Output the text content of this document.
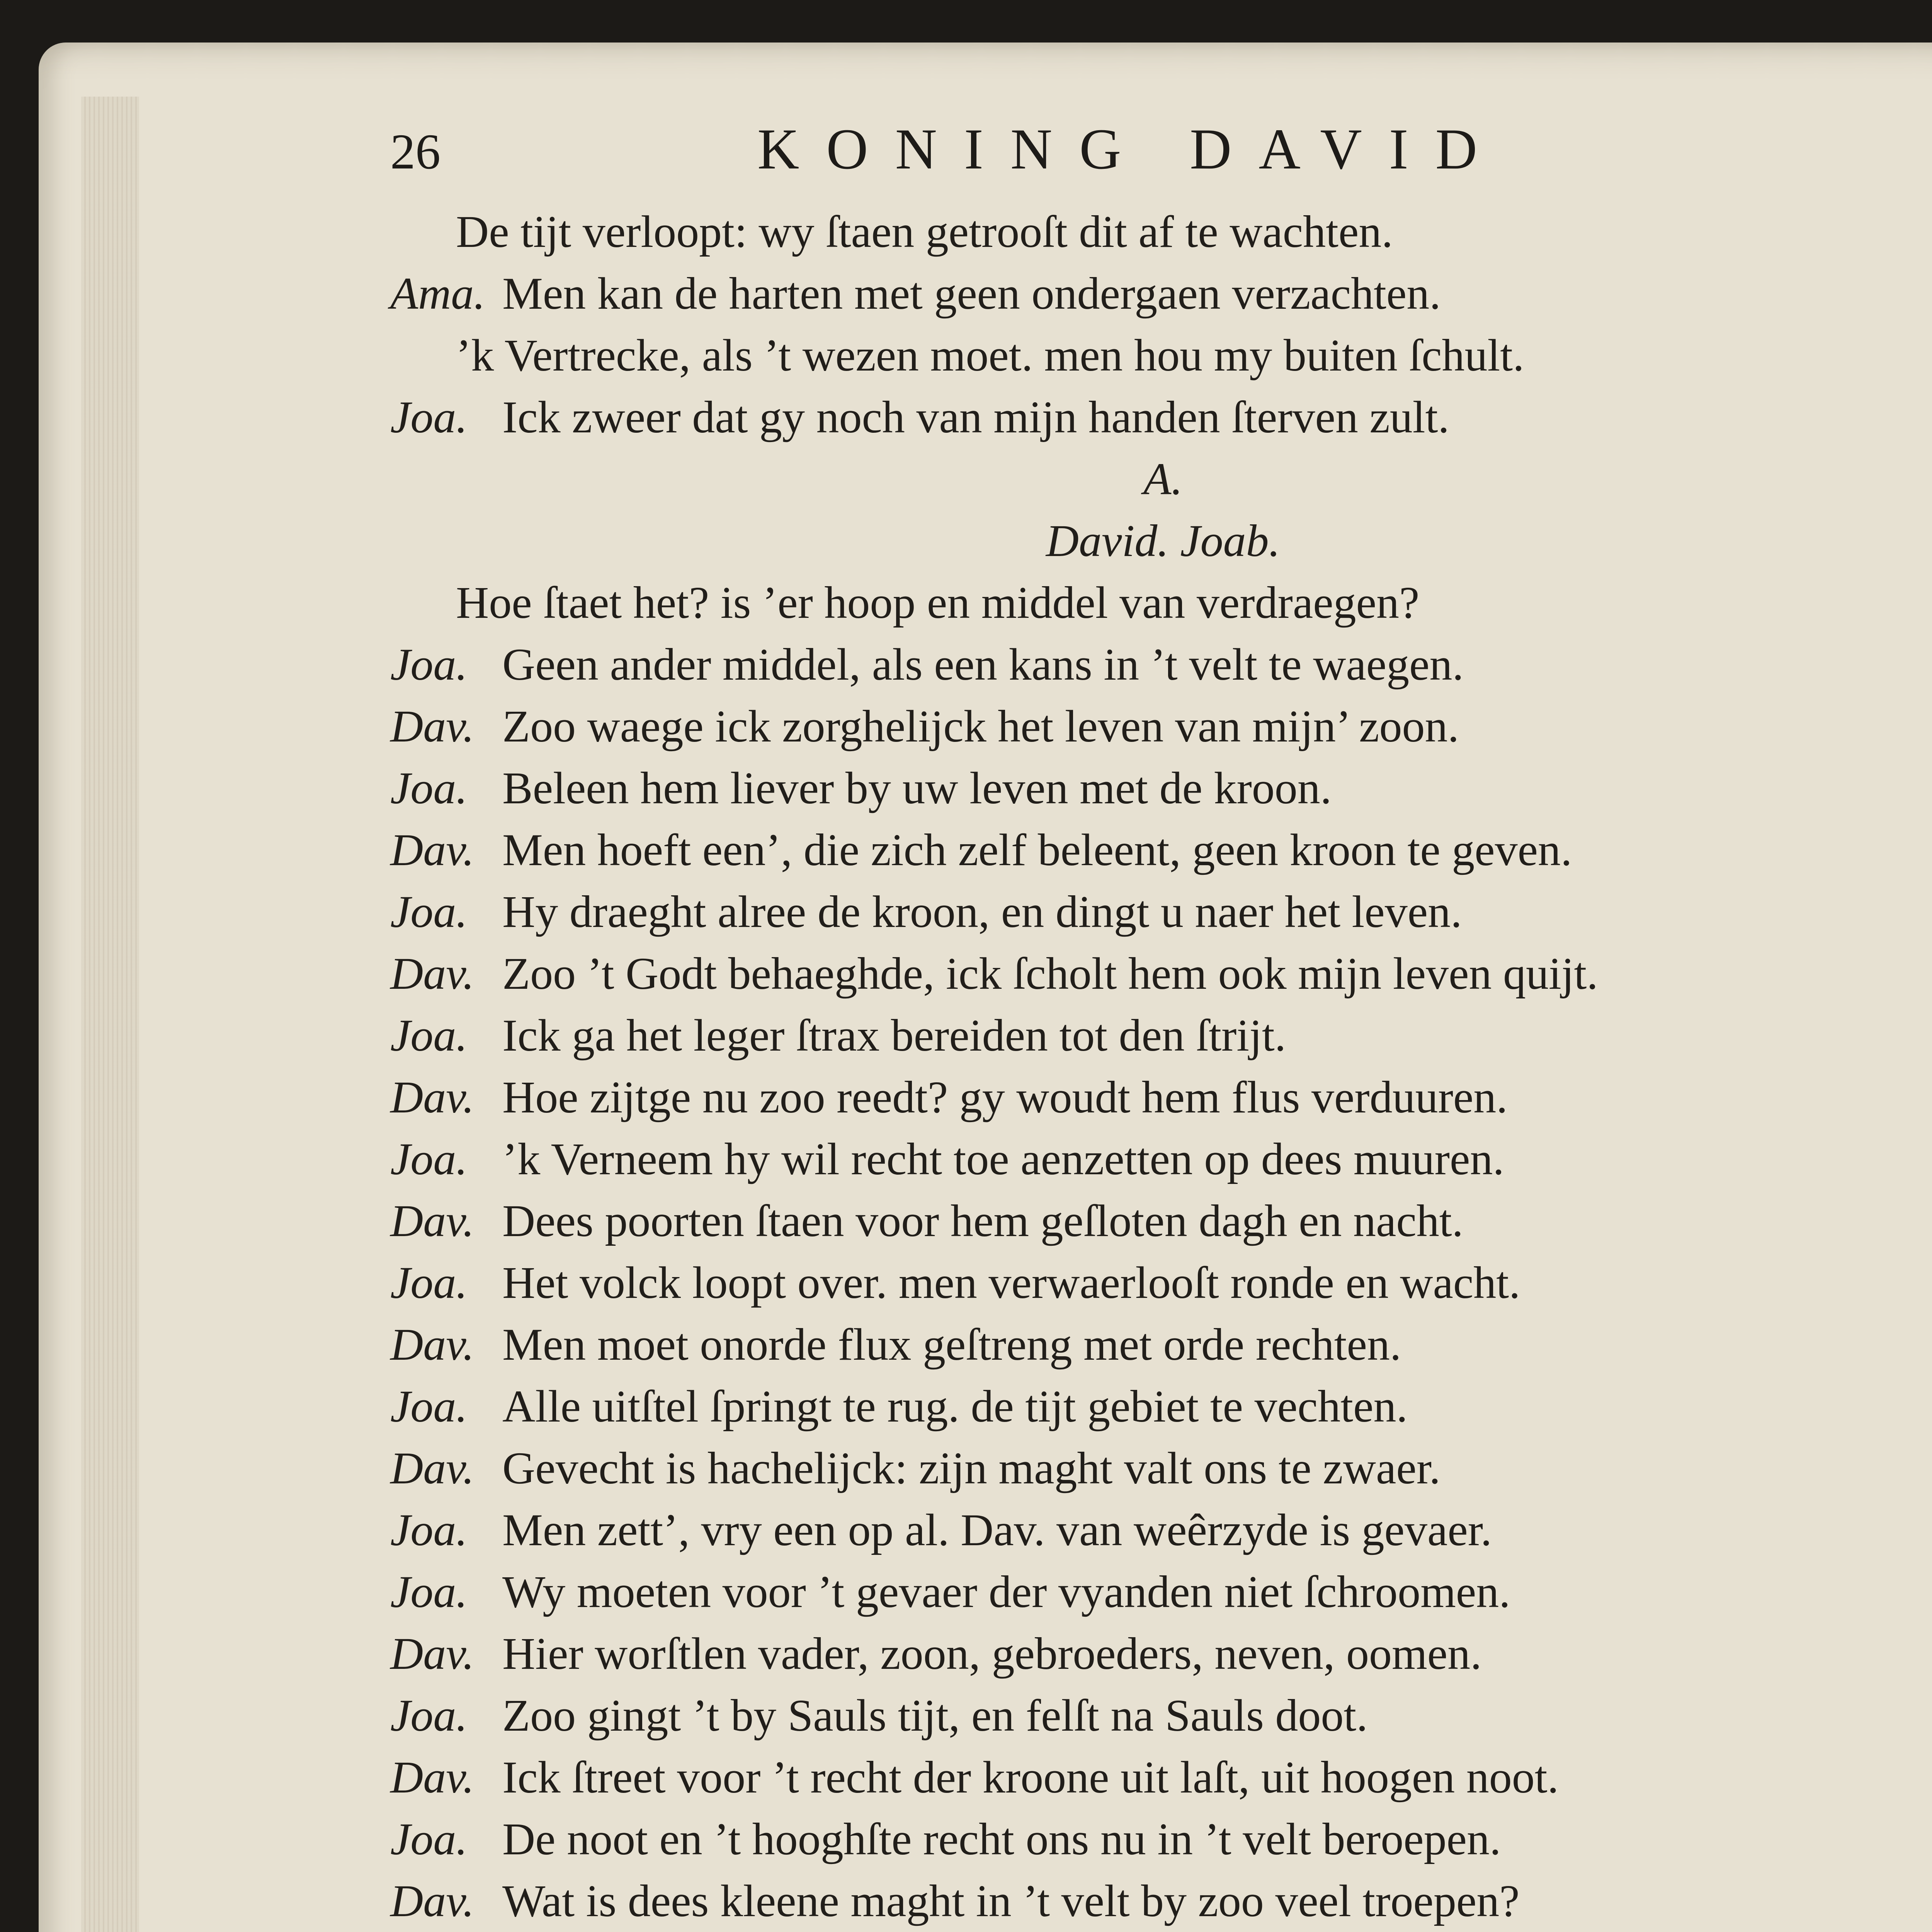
26	KONING DAVID
De tijt verloopt: wy ſtaen getrooſt dit af te wachten.
Ama. Men kan de harten met geen ondergaen verzachten.
’k Vertrecke, als ’t wezen moet. men hou my buiten ſchult.
Joa. Ick zweer dat gy noch van mijn handen ſterven zult.
A.
David. Joab.
Hoe ſtaet het? is ’er hoop en middel van verdraegen?
Joa. Geen ander middel, als een kans in ’t velt te waegen.
Dav. Zoo waege ick zorghelijck het leven van mijn’ zoon.
Joa. Beleen hem liever by uw leven met de kroon.
Dav. Men hoeft een’, die zich zelf beleent, geen kroon te geven.
Joa. Hy draeght alree de kroon, en dingt u naer het leven.
Dav. Zoo ’t Godt behaeghde, ick ſcholt hem ook mijn leven quijt.
Joa. Ick ga het leger ſtrax bereiden tot den ſtrijt.
Dav. Hoe zijtge nu zoo reedt? gy woudt hem flus verduuren.
Joa. ’k Verneem hy wil recht toe aenzetten op dees muuren.
Dav. Dees poorten ſtaen voor hem geſloten dagh en nacht.
Joa. Het volck loopt over. men verwaerlooſt ronde en wacht.
Dav. Men moet onorde flux geſtreng met orde rechten.
Joa. Alle uitſtel ſpringt te rug. de tijt gebiet te vechten.
Dav. Gevecht is hachelijck: zijn maght valt ons te zwaer.
Joa. Men zett’, vry een op al. Dav. van weêrzyde is gevaer.
Joa. Wy moeten voor ’t gevaer der vyanden niet ſchroomen.
Dav. Hier worſtlen vader, zoon, gebroeders, neven, oomen.
Joa. Zoo gingt ’t by Sauls tijt, en felſt na Sauls doot.
Dav. Ick ſtreet voor ’t recht der kroone uit laſt, uit hoogen noot.
Joa. De noot en ’t hooghſte recht ons nu in ’t velt beroepen.
Dav. Wat is dees kleene maght in ’t velt by zoo veel troepen?
